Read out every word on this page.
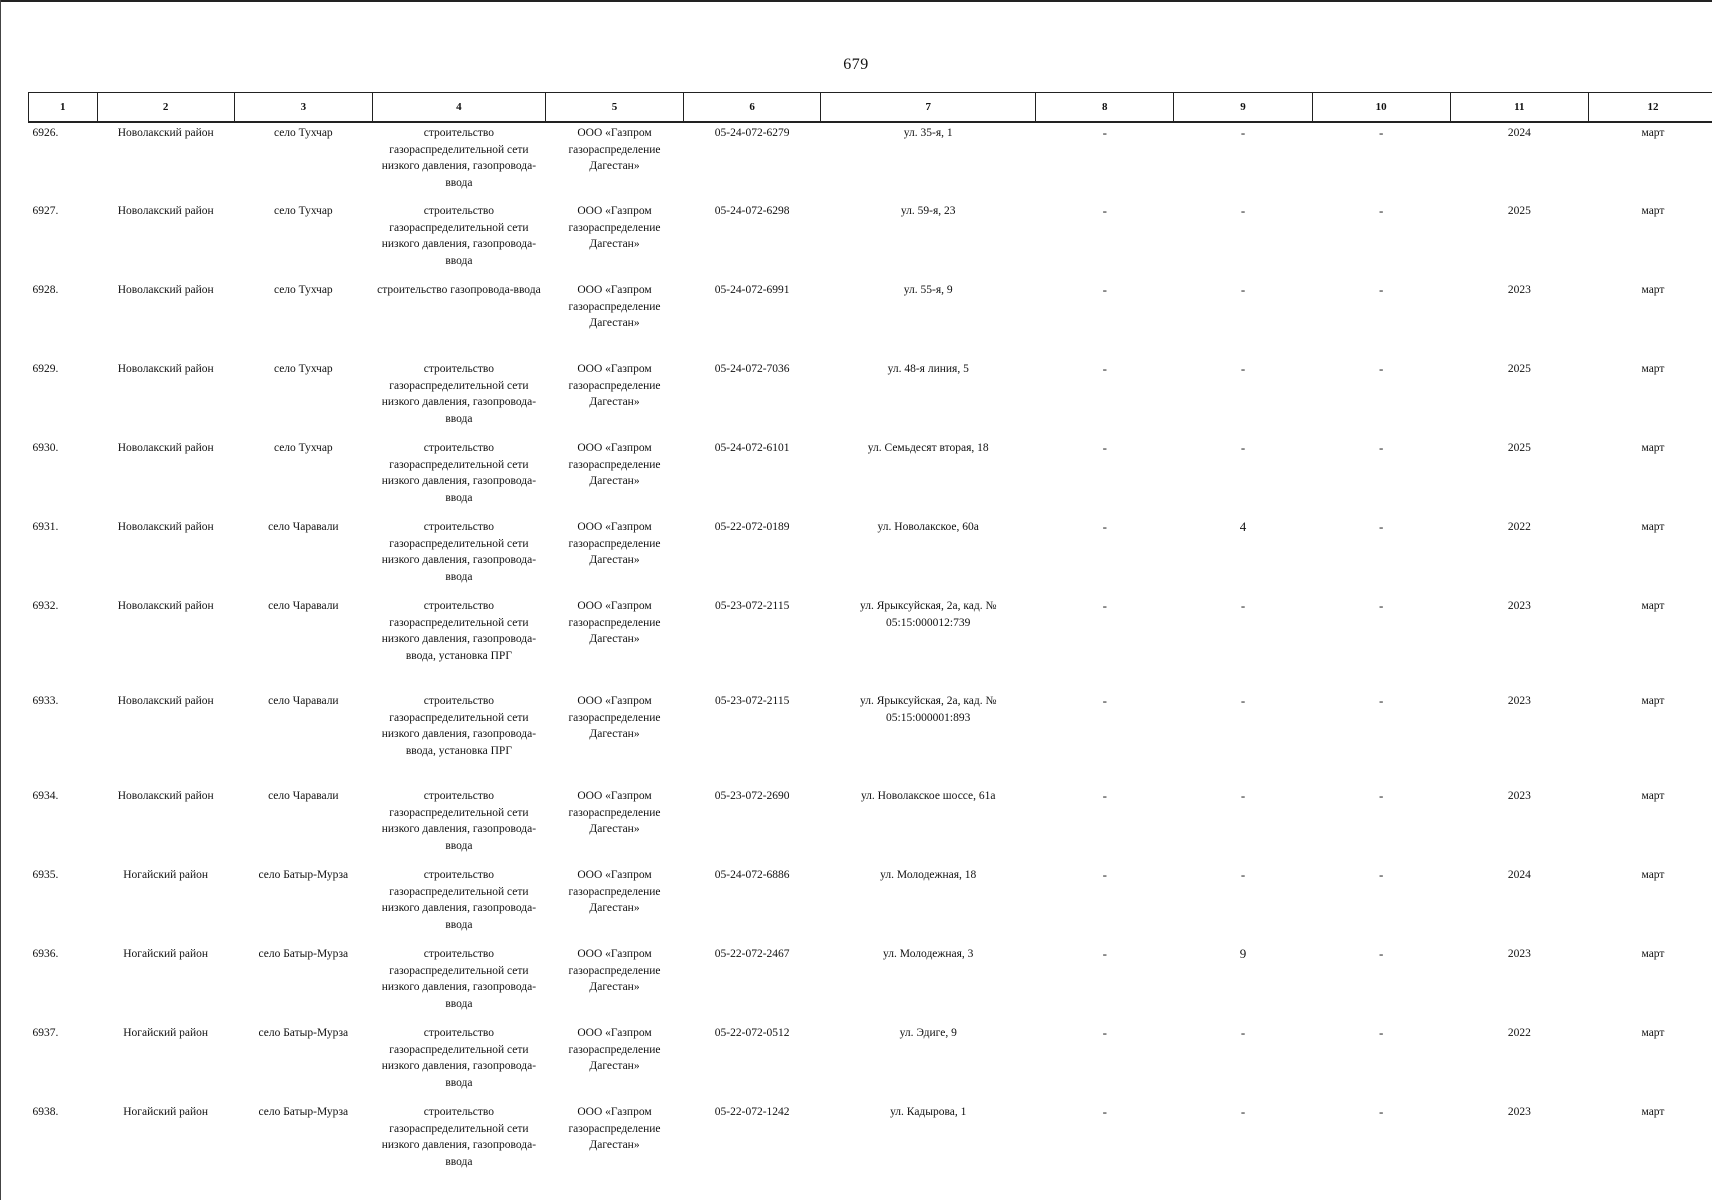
679
1	2	3	4	5	6	7	8	9	10	11	12
6926.	Новолакский район	село Тухчар	строительство газораспределительной сети низкого давления, газопровода-ввода	ООО «Газпром газораспределение Дагестан»	05-24-072-6279	ул. 35-я, 1	-	-	-	2024	март
6927.	Новолакский район	село Тухчар	строительство газораспределительной сети низкого давления, газопровода-ввода	ООО «Газпром газораспределение Дагестан»	05-24-072-6298	ул. 59-я, 23	-	-	-	2025	март
6928.	Новолакский район	село Тухчар	строительство газопровода-ввода	ООО «Газпром газораспределение Дагестан»	05-24-072-6991	ул. 55-я, 9	-	-	-	2023	март
6929.	Новолакский район	село Тухчар	строительство газораспределительной сети низкого давления, газопровода-ввода	ООО «Газпром газораспределение Дагестан»	05-24-072-7036	ул. 48-я линия, 5	-	-	-	2025	март
6930.	Новолакский район	село Тухчар	строительство газораспределительной сети низкого давления, газопровода-ввода	ООО «Газпром газораспределение Дагестан»	05-24-072-6101	ул. Семьдесят вторая, 18	-	-	-	2025	март
6931.	Новолакский район	село Чаравали	строительство газораспределительной сети низкого давления, газопровода-ввода	ООО «Газпром газораспределение Дагестан»	05-22-072-0189	ул. Новолакское, 60а	-	4	-	2022	март
6932.	Новолакский район	село Чаравали	строительство газораспределительной сети низкого давления, газопровода-ввода, установка ПРГ	ООО «Газпром газораспределение Дагестан»	05-23-072-2115	ул. Ярыксуйская, 2а, кад. № 05:15:000012:739	-	-	-	2023	март
6933.	Новолакский район	село Чаравали	строительство газораспределительной сети низкого давления, газопровода-ввода, установка ПРГ	ООО «Газпром газораспределение Дагестан»	05-23-072-2115	ул. Ярыксуйская, 2а, кад. № 05:15:000001:893	-	-	-	2023	март
6934.	Новолакский район	село Чаравали	строительство газораспределительной сети низкого давления, газопровода-ввода	ООО «Газпром газораспределение Дагестан»	05-23-072-2690	ул. Новолакское шоссе, 61а	-	-	-	2023	март
6935.	Ногайский район	село Батыр-Мурза	строительство газораспределительной сети низкого давления, газопровода-ввода	ООО «Газпром газораспределение Дагестан»	05-24-072-6886	ул. Молодежная, 18	-	-	-	2024	март
6936.	Ногайский район	село Батыр-Мурза	строительство газораспределительной сети низкого давления, газопровода-ввода	ООО «Газпром газораспределение Дагестан»	05-22-072-2467	ул. Молодежная, 3	-	9	-	2023	март
6937.	Ногайский район	село Батыр-Мурза	строительство газораспределительной сети низкого давления, газопровода-ввода	ООО «Газпром газораспределение Дагестан»	05-22-072-0512	ул. Эдиге, 9	-	-	-	2022	март
6938.	Ногайский район	село Батыр-Мурза	строительство газораспределительной сети низкого давления, газопровода-ввода	ООО «Газпром газораспределение Дагестан»	05-22-072-1242	ул. Кадырова, 1	-	-	-	2023	март
